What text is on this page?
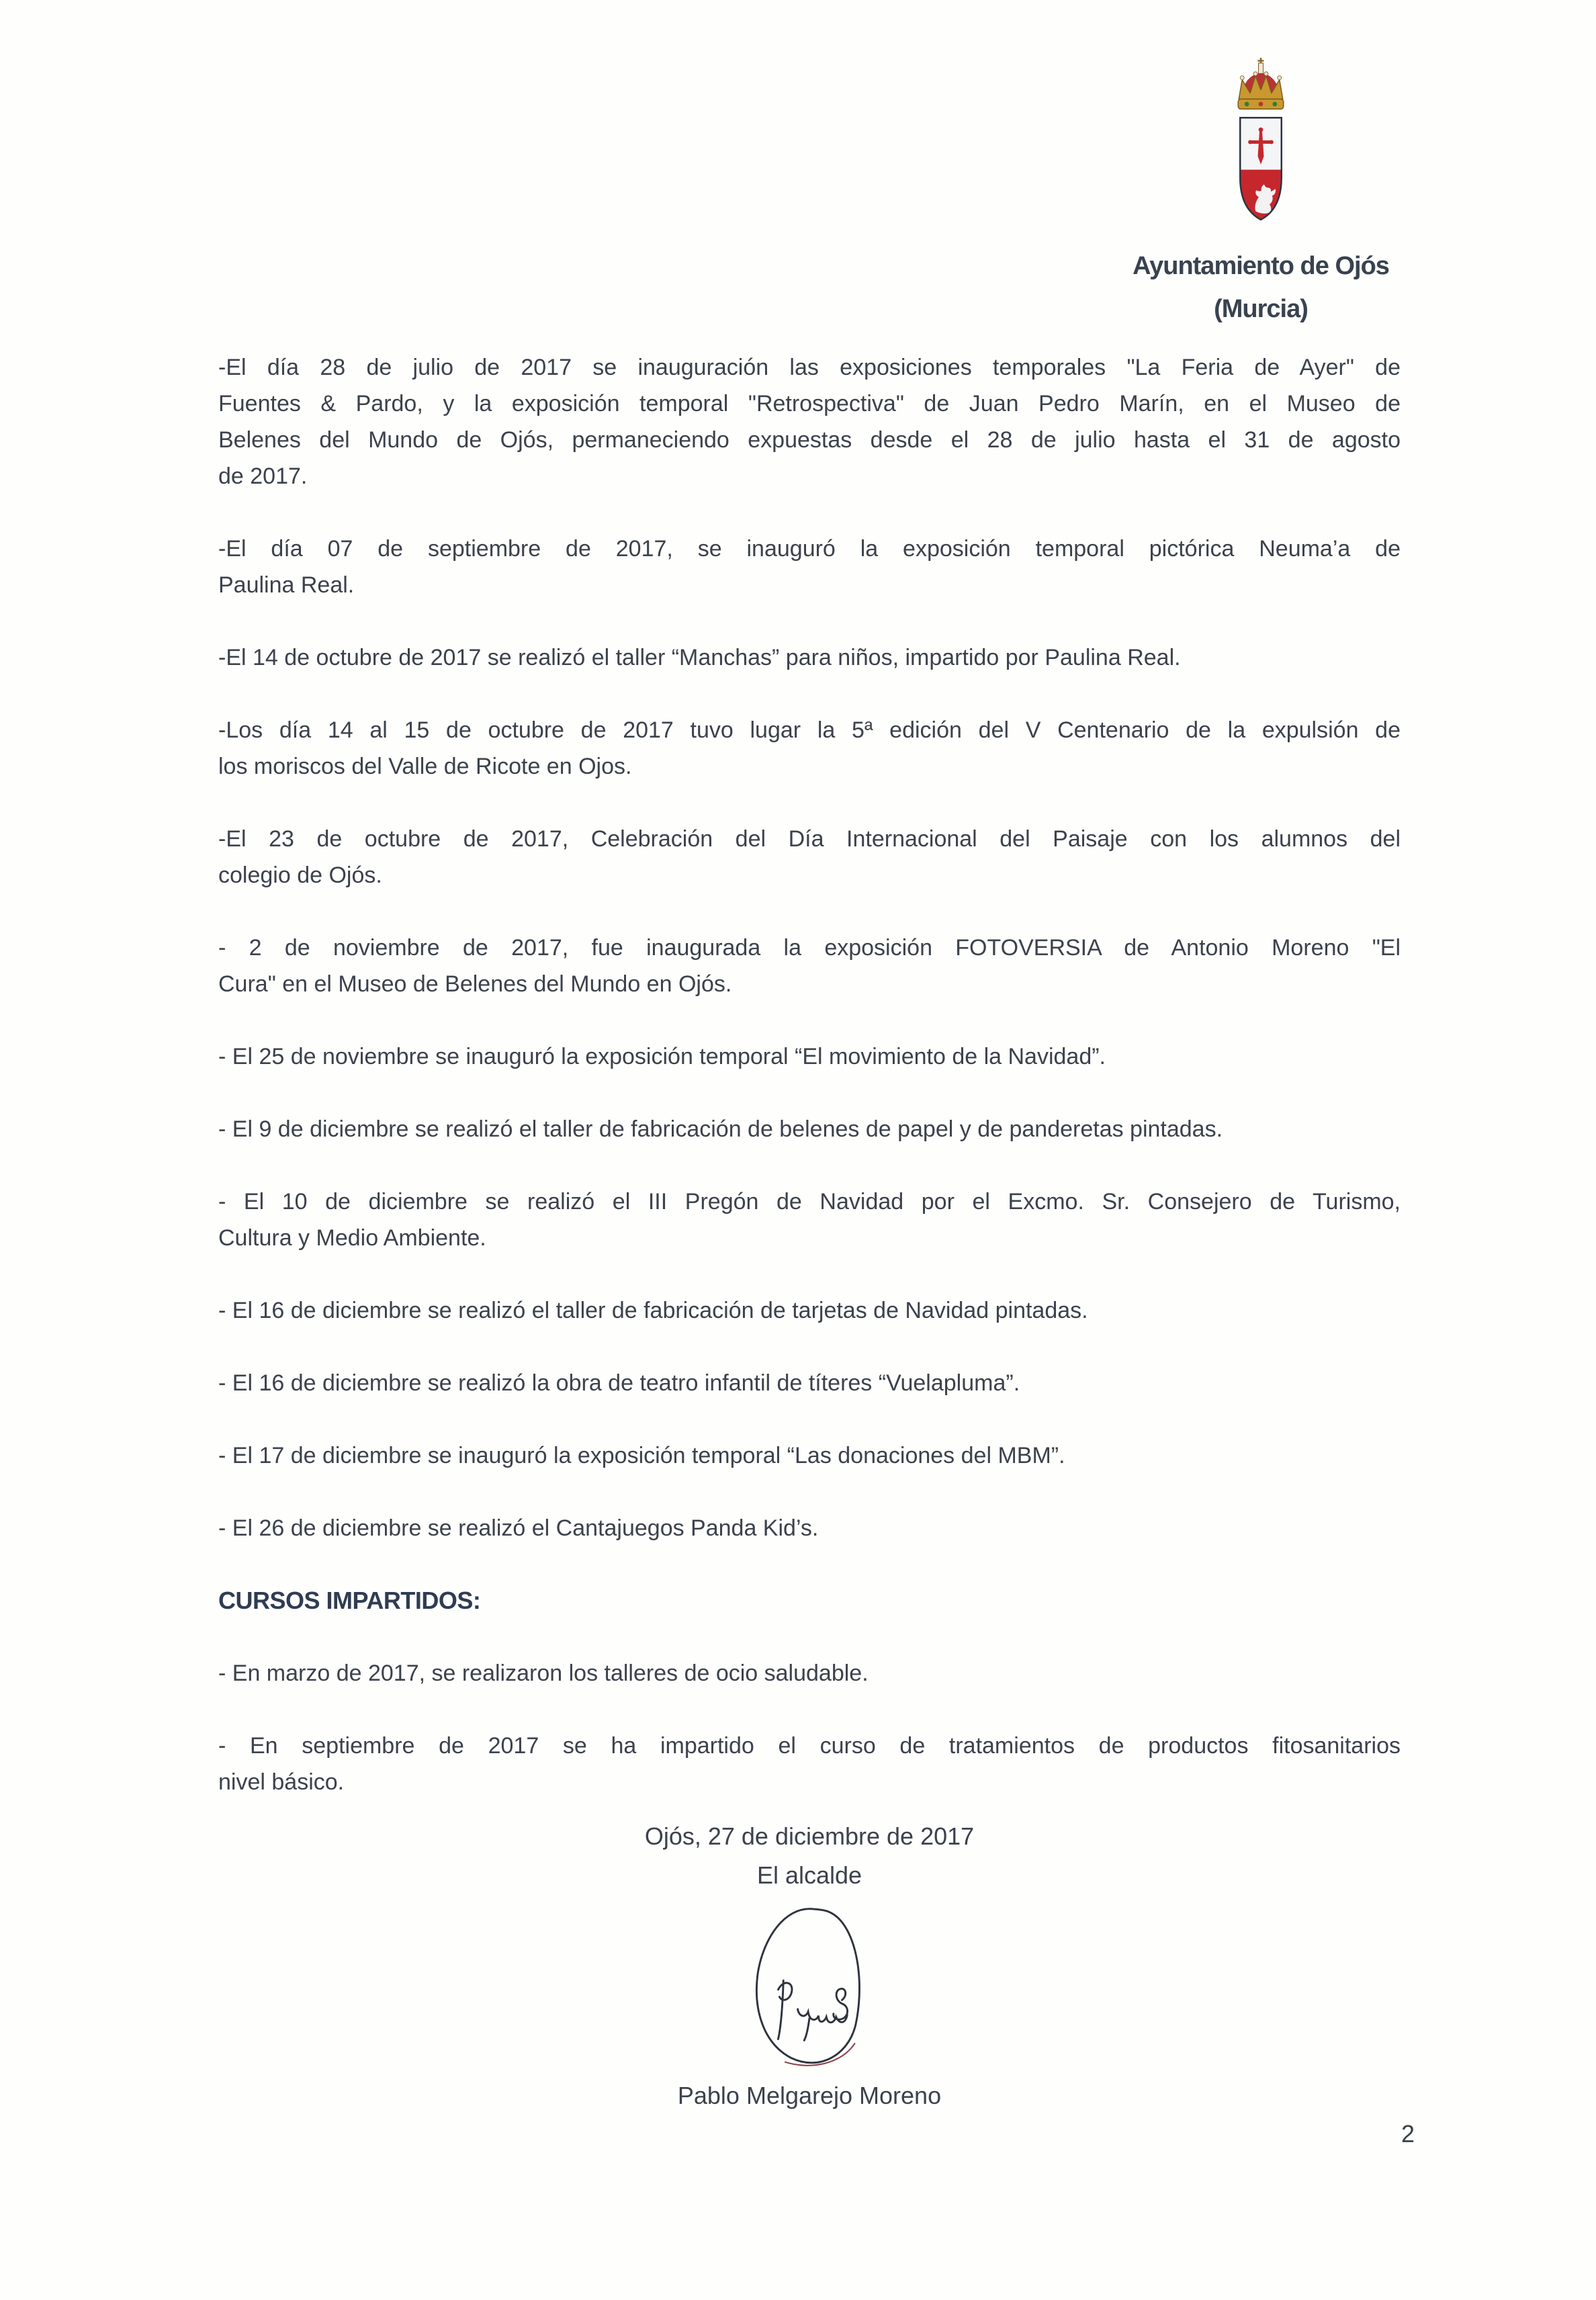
Ayuntamiento de Ojós
(Murcia)
-El día 28 de julio de 2017 se inauguración las exposiciones temporales "La Feria de Ayer" de
Fuentes & Pardo, y la exposición temporal "Retrospectiva" de Juan Pedro Marín, en el Museo de
Belenes del Mundo de Ojós, permaneciendo expuestas desde el 28 de julio hasta el 31 de agosto
de 2017.
-El día 07 de septiembre de 2017, se inauguró la exposición temporal pictórica Neuma’a de
Paulina Real.
-El 14 de octubre de 2017 se realizó el taller “Manchas” para niños, impartido por Paulina Real.
-Los día 14 al 15 de octubre de 2017 tuvo lugar la 5ª edición del V Centenario de la expulsión de
los moriscos del Valle de Ricote en Ojos.
-El 23 de octubre de 2017, Celebración del Día Internacional del Paisaje con los alumnos del
colegio de Ojós.
- 2 de noviembre de 2017, fue inaugurada la exposición FOTOVERSIA de Antonio Moreno "El
Cura" en el Museo de Belenes del Mundo en Ojós.
- El 25 de noviembre se inauguró la exposición temporal “El movimiento de la Navidad”.
- El 9 de diciembre se realizó el taller de fabricación de belenes de papel y de panderetas pintadas.
- El 10 de diciembre se realizó el III Pregón de Navidad por el Excmo. Sr. Consejero de Turismo,
Cultura y Medio Ambiente.
- El 16 de diciembre se realizó el taller de fabricación de tarjetas de Navidad pintadas.
- El 16 de diciembre se realizó la obra de teatro infantil de títeres “Vuelapluma”.
- El 17 de diciembre se inauguró la exposición temporal “Las donaciones del MBM”.
- El 26 de diciembre se realizó el Cantajuegos Panda Kid’s.
CURSOS IMPARTIDOS:
- En marzo de 2017, se realizaron los talleres de ocio saludable.
- En septiembre de 2017 se ha impartido el curso de tratamientos de productos fitosanitarios
nivel básico.
Ojós, 27 de diciembre de 2017
El alcalde
Pablo Melgarejo Moreno
2
